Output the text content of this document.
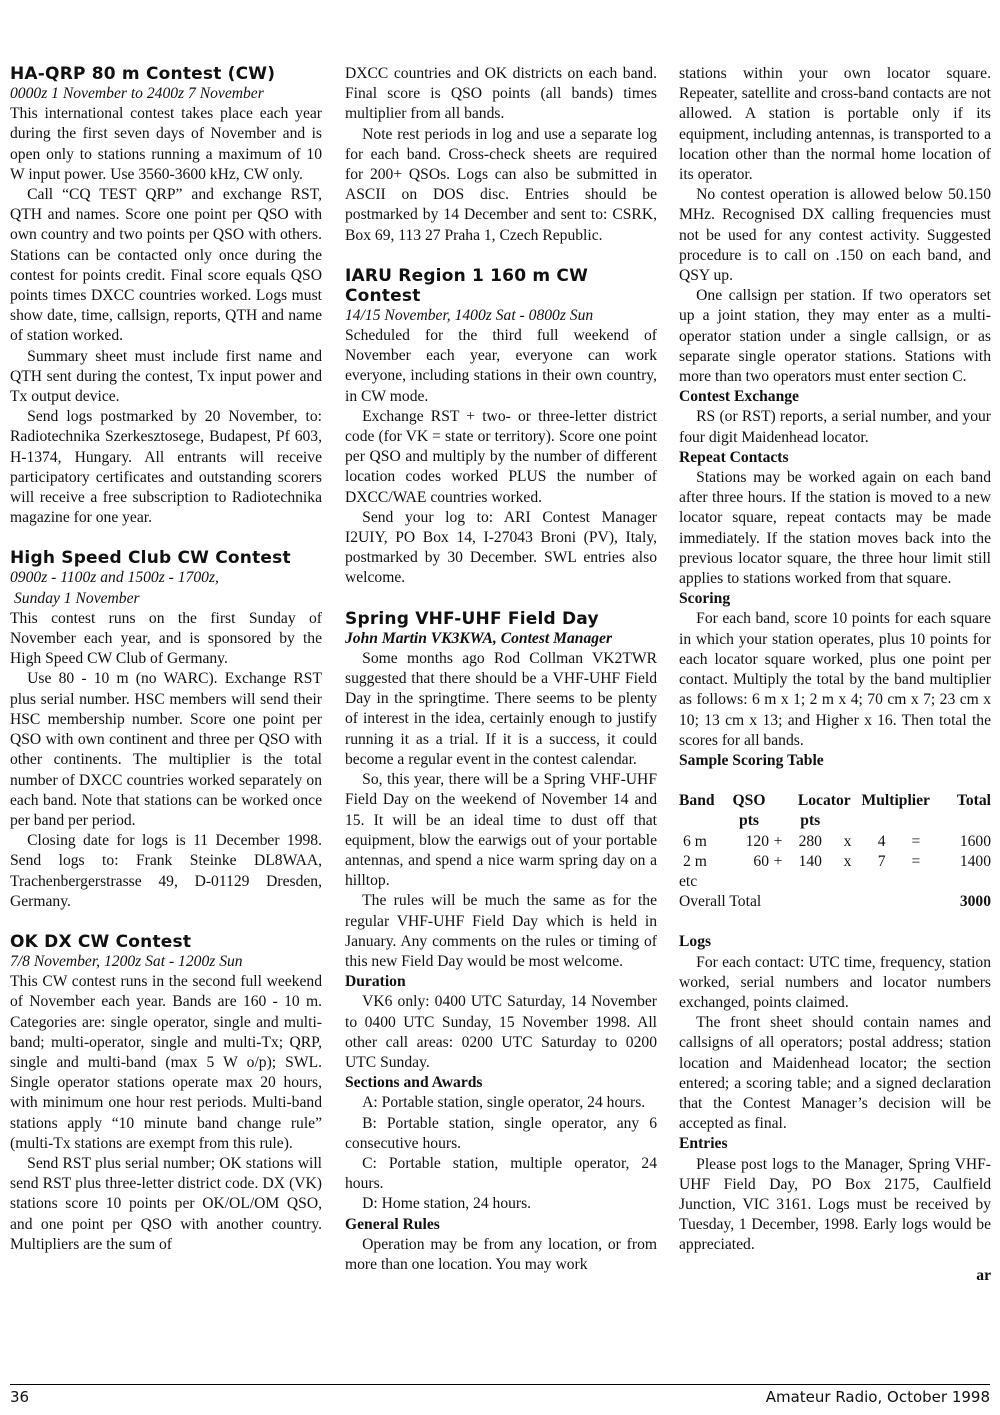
HA-QRP 80 m Contest (CW)

0000z 1 November to 2400z 7 November

This international contest takes place each year during the first seven days of November and is open only to stations running a maximum of 10 W input power. Use 3560-3600 kHz, CW only.

Call “CQ TEST QRP” and exchange RST, QTH and names. Score one point per QSO with own country and two points per QSO with others. Stations can be contacted only once during the contest for points credit. Final score equals QSO points times DXCC countries worked. Logs must show date, time, callsign, reports, QTH and name of station worked.

Summary sheet must include first name and QTH sent during the contest, Tx input power and Tx output device.

Send logs postmarked by 20 November, to: Radiotechnika Szerkesztosege, Budapest, Pf 603, H-1374, Hungary. All entrants will receive participatory certificates and outstanding scorers will receive a free subscription to Radiotechnika magazine for one year.

High Speed Club CW Contest

0900z - 1100z and 1500z - 1700z,

Sunday 1 November

This contest runs on the first Sunday of November each year, and is sponsored by the High Speed CW Club of Germany.

Use 80 - 10 m (no WARC). Exchange RST plus serial number. HSC members will send their HSC membership number. Score one point per QSO with own continent and three per QSO with other continents. The multiplier is the total number of DXCC countries worked separately on each band. Note that stations can be worked once per band per period.

Closing date for logs is 11 December 1998. Send logs to: Frank Steinke DL8WAA, Trachenbergerstrasse 49, D-01129 Dresden, Germany.

OK DX CW Contest

7/8 November, 1200z Sat - 1200z Sun

This CW contest runs in the second full weekend of November each year. Bands are 160 - 10 m. Categories are: single operator, single and multi-band; multi-operator, single and multi-Tx; QRP, single and multi-band (max 5 W o/p); SWL. Single operator stations operate max 20 hours, with minimum one hour rest periods. Multi-band stations apply “10 minute band change rule” (multi-Tx stations are exempt from this rule).

Send RST plus serial number; OK stations will send RST plus three-letter district code. DX (VK) stations score 10 points per OK/OL/OM QSO, and one point per QSO with another country. Multipliers are the sum of

DXCC countries and OK districts on each band. Final score is QSO points (all bands) times multiplier from all bands.

Note rest periods in log and use a separate log for each band. Cross-check sheets are required for 200+ QSOs. Logs can also be submitted in ASCII on DOS disc. Entries should be postmarked by 14 December and sent to: CSRK, Box 69, 113 27 Praha 1, Czech Republic.

IARU Region 1 160 m CW Contest

14/15 November, 1400z Sat - 0800z Sun

Scheduled for the third full weekend of November each year, everyone can work everyone, including stations in their own country, in CW mode.

Exchange RST + two- or three-letter district code (for VK = state or territory). Score one point per QSO and multiply by the number of different location codes worked PLUS the number of DXCC/WAE countries worked.

Send your log to: ARI Contest Manager I2UIY, PO Box 14, I-27043 Broni (PV), Italy, postmarked by 30 December. SWL entries also welcome.

Spring VHF-UHF Field Day

John Martin VK3KWA, Contest Manager

Some months ago Rod Collman VK2TWR suggested that there should be a VHF-UHF Field Day in the springtime. There seems to be plenty of interest in the idea, certainly enough to justify running it as a trial. If it is a success, it could become a regular event in the contest calendar.

So, this year, there will be a Spring VHF-UHF Field Day on the weekend of November 14 and 15. It will be an ideal time to dust off that equipment, blow the earwigs out of your portable antennas, and spend a nice warm spring day on a hilltop.

The rules will be much the same as for the regular VHF-UHF Field Day which is held in January. Any comments on the rules or timing of this new Field Day would be most welcome.

Duration

VK6 only: 0400 UTC Saturday, 14 November to 0400 UTC Sunday, 15 November 1998. All other call areas: 0200 UTC Saturday to 0200 UTC Sunday.

Sections and Awards

A: Portable station, single operator, 24 hours.

B: Portable station, single operator, any 6 consecutive hours.

C: Portable station, multiple operator, 24 hours.

D: Home station, 24 hours.

General Rules

Operation may be from any location, or from more than one location. You may work

stations within your own locator square. Repeater, satellite and cross-band contacts are not allowed. A station is portable only if its equipment, including antennas, is transported to a location other than the normal home location of its operator.

No contest operation is allowed below 50.150 MHz. Recognised DX calling frequencies must not be used for any contest activity. Suggested procedure is to call on .150 on each band, and QSY up.

One callsign per station. If two operators set up a joint station, they may enter as a multi-operator station under a single callsign, or as separate single operator stations. Stations with more than two operators must enter section C.

Contest Exchange

RS (or RST) reports, a serial number, and your four digit Maidenhead locator.

Repeat Contacts

Stations may be worked again on each band after three hours. If the station is moved to a new locator square, repeat contacts may be made immediately. If the station moves back into the previous locator square, the three hour limit still applies to stations worked from that square.

Scoring

For each band, score 10 points for each square in which your station operates, plus 10 points for each locator square worked, plus one point per contact. Multiply the total by the band multiplier as follows: 6 m x 1; 2 m x 4; 70 cm x 7; 23 cm x 10; 13 cm x 13; and Higher x 16. Then total the scores for all bands.

Sample Scoring Table

Band	QSO		Locator		Multiplier		Total
	pts		pts				
6 m	120	+	280	x	4	=	1600
2 m	60	+	140	x	7	=	1400
etc							
Overall Total							3000

Logs

For each contact: UTC time, frequency, station worked, serial numbers and locator numbers exchanged, points claimed.

The front sheet should contain names and callsigns of all operators; postal address; station location and Maidenhead locator; the section entered; a scoring table; and a signed declaration that the Contest Manager’s decision will be accepted as final.

Entries

Please post logs to the Manager, Spring VHF-UHF Field Day, PO Box 2175, Caulfield Junction, VIC 3161. Logs must be received by Tuesday, 1 December, 1998. Early logs would be appreciated.

ar

36	Amateur Radio, October 1998
